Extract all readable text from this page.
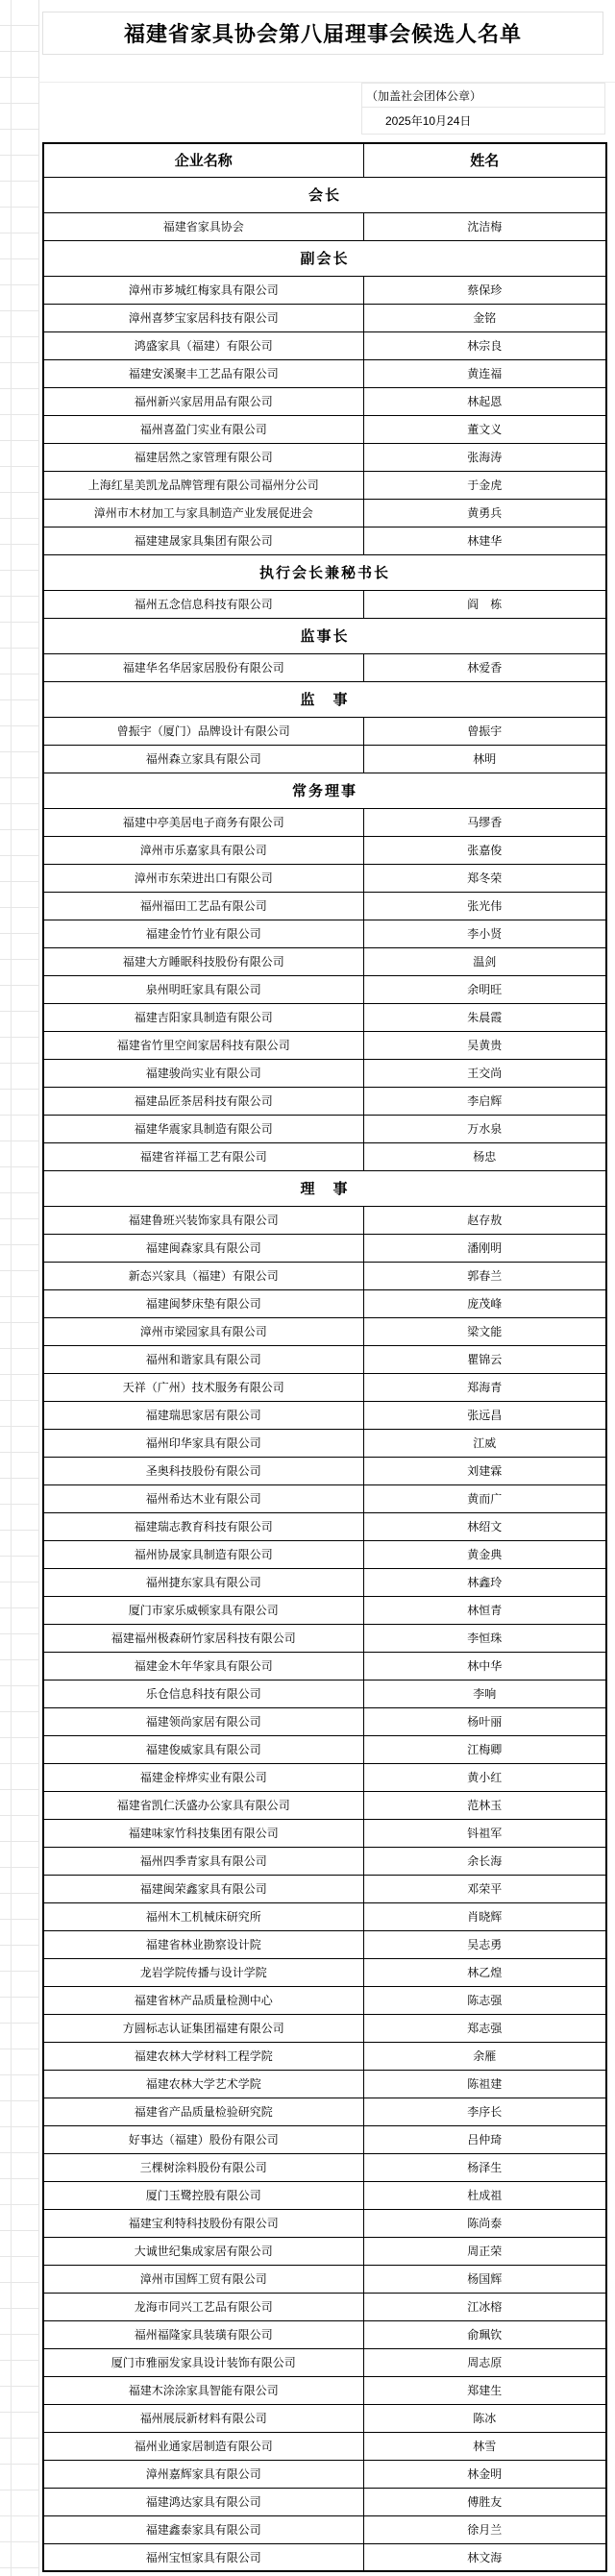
福建省家具协会第八届理事会候选人名单
（加盖社会团体公章）
2025年10月24日
企业名称	姓名
会长	
福建省家具协会	沈洁梅
副会长	
漳州市芗城红梅家具有限公司	蔡保珍
漳州喜梦宝家居科技有限公司	金铭
鸿盛家具（福建）有限公司	林宗良
福建安溪聚丰工艺品有限公司	黄连福
福州新兴家居用品有限公司	林起恩
福州喜盈门实业有限公司	董文义
福建居然之家管理有限公司	张海涛
上海红星美凯龙品牌管理有限公司福州分公司	于金虎
漳州市木材加工与家具制造产业发展促进会	黄勇兵
福建建晟家具集团有限公司	林建华
执行会长兼秘书长	
福州五念信息科技有限公司	阎　栋
监事长	
福建华名华居家居股份有限公司	林爱香
监　事	
曾振宇（厦门）品牌设计有限公司	曾振宇
福州森立家具有限公司	林明
常务理事	
福建中亭美居电子商务有限公司	马缪香
漳州市乐嘉家具有限公司	张嘉俊
漳州市东荣进出口有限公司	郑冬荣
福州福田工艺品有限公司	张光伟
福建金竹竹业有限公司	李小贤
福建大方睡眠科技股份有限公司	温剑
泉州明旺家具有限公司	余明旺
福建吉阳家具制造有限公司	朱晨霞
福建省竹里空间家居科技有限公司	吴黄贵
福建骏尚实业有限公司	王交尚
福建品匠茶居科技有限公司	李启辉
福建华震家具制造有限公司	万水泉
福建省祥福工艺有限公司	杨忠
理　事	
福建鲁班兴装饰家具有限公司	赵存敖
福建闽森家具有限公司	潘刚明
新态兴家具（福建）有限公司	郭春兰
福建闽梦床垫有限公司	庞茂峰
漳州市梁园家具有限公司	梁文能
福州和谐家具有限公司	瞿锦云
天祥（广州）技术服务有限公司	郑海青
福建瑞思家居有限公司	张远昌
福州印华家具有限公司	江威
圣奥科技股份有限公司	刘建霖
福州希达木业有限公司	黄而广
福建瑞志教育科技有限公司	林绍文
福州协晟家具制造有限公司	黄金典
福州捷东家具有限公司	林鑫玲
厦门市家乐威顿家具有限公司	林恒青
福建福州极森研竹家居科技有限公司	李恒珠
福建金木年华家具有限公司	林中华
乐仓信息科技有限公司	李响
福建领尚家居有限公司	杨叶丽
福建俊威家具有限公司	江梅卿
福建金梓烨实业有限公司	黄小红
福建省凯仁沃盛办公家具有限公司	范林玉
福建味家竹科技集团有限公司	钭祖军
福州四季青家具有限公司	余长海
福建闽荣鑫家具有限公司	邓荣平
福州木工机械床研究所	肖晓辉
福建省林业勘察设计院	吴志勇
龙岩学院传播与设计学院	林乙煌
福建省林产品质量检测中心	陈志强
方圆标志认证集团福建有限公司	郑志强
福建农林大学材料工程学院	余雁
福建农林大学艺术学院	陈祖建
福建省产品质量检验研究院	李序长
好事达（福建）股份有限公司	吕仲琦
三棵树涂料股份有限公司	杨泽生
厦门玉鹭控股有限公司	杜成祖
福建宝利特科技股份有限公司	陈尚泰
大诚世纪集成家居有限公司	周正荣
漳州市国辉工贸有限公司	杨国辉
龙海市同兴工艺品有限公司	江冰榕
福州福隆家具装璜有限公司	俞珮钦
厦门市雅丽发家具设计装饰有限公司	周志原
福建木涂涂家具智能有限公司	郑建生
福州展辰新材料有限公司	陈冰
福州业通家居制造有限公司	林雪
漳州嘉辉家具有限公司	林金明
福建鸿达家具有限公司	傅胜友
福建鑫泰家具有限公司	徐月兰
福州宝恒家具有限公司	林文海
